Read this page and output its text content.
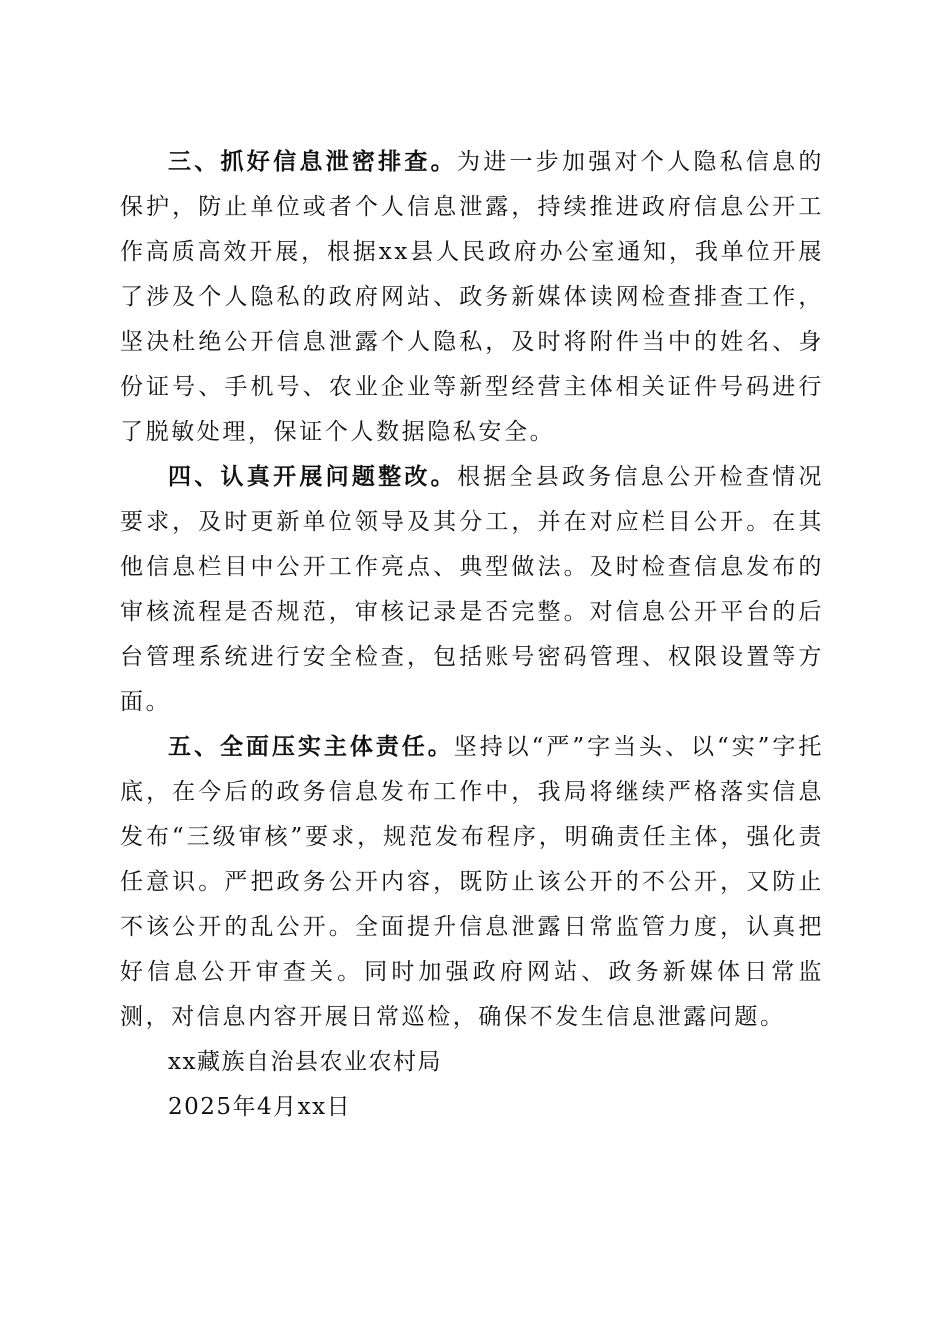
三、抓好信息泄密排查。为进一步加强对个人隐私信息的保护，防止单位或者个人信息泄露，持续推进政府信息公开工作高质高效开展，根据xx县人民政府办公室通知，我单位开展了涉及个人隐私的政府网站、政务新媒体读网检查排查工作，坚决杜绝公开信息泄露个人隐私，及时将附件当中的姓名、身份证号、手机号、农业企业等新型经营主体相关证件号码进行了脱敏处理，保证个人数据隐私安全。

四、认真开展问题整改。根据全县政务信息公开检查情况要求，及时更新单位领导及其分工，并在对应栏目公开。在其他信息栏目中公开工作亮点、典型做法。及时检查信息发布的审核流程是否规范，审核记录是否完整。对信息公开平台的后台管理系统进行安全检查，包括账号密码管理、权限设置等方面。

五、全面压实主体责任。坚持以“严”字当头、以“实”字托底，在今后的政务信息发布工作中，我局将继续严格落实信息发布“三级审核”要求，规范发布程序，明确责任主体，强化责任意识。严把政务公开内容，既防止该公开的不公开，又防止不该公开的乱公开。全面提升信息泄露日常监管力度，认真把好信息公开审查关。同时加强政府网站、政务新媒体日常监测，对信息内容开展日常巡检，确保不发生信息泄露问题。

xx藏族自治县农业农村局

2025年4月xx日
